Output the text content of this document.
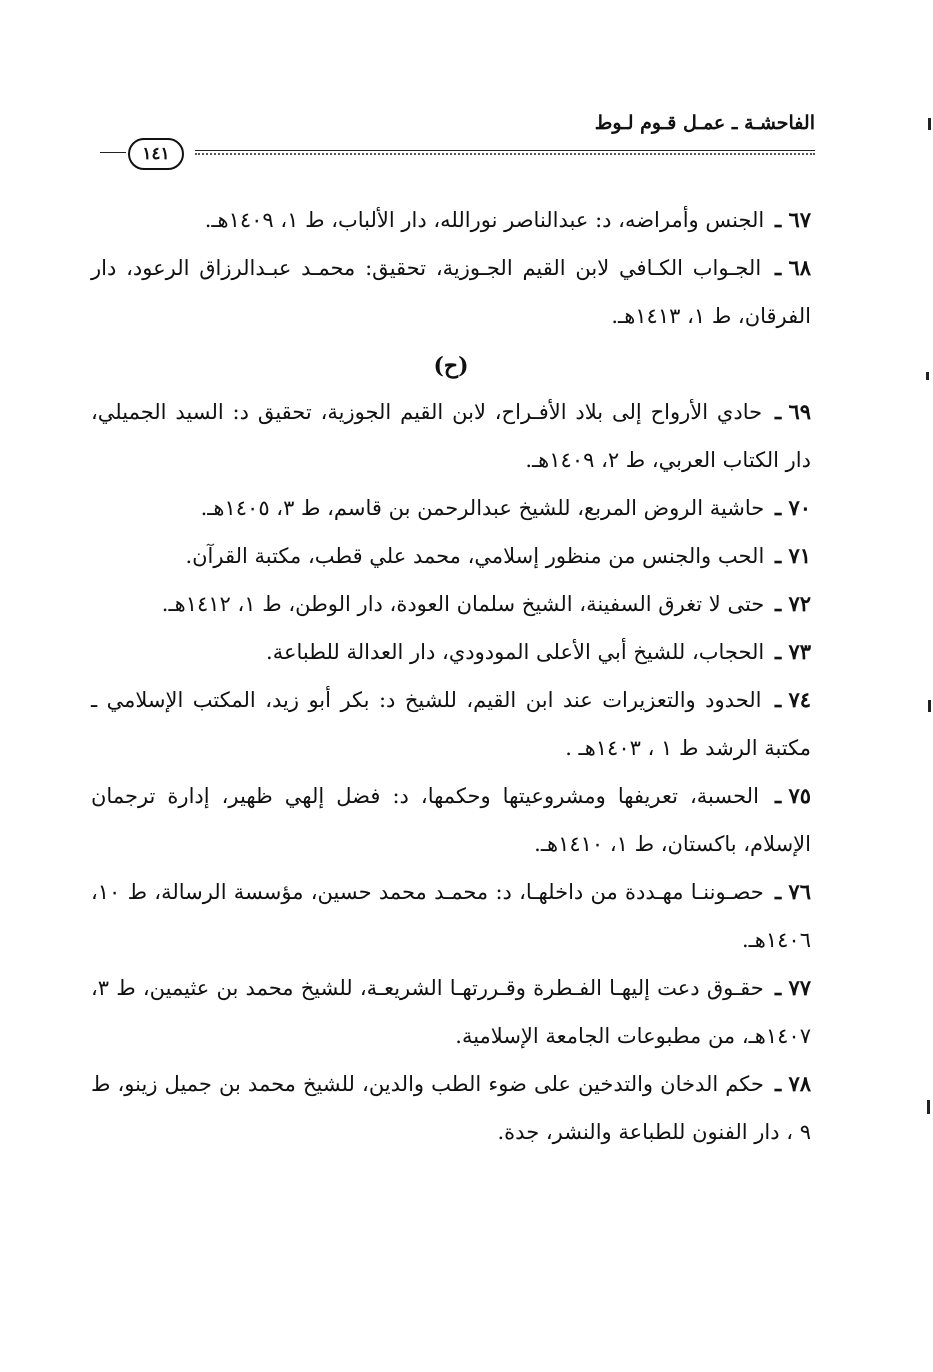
الفاحشـة ـ عمـل قـوم لـوط
١٤١
٦٧ ـ الجنس وأمراضه، د: عبدالناصر نورالله، دار الألباب، ط ١، ١٤٠٩هـ.
٦٨ ـ الجـواب الكـافي لابن القيم الجـوزية، تحقيق: محمـد عبـدالرزاق الرعود، دار الفرقان، ط ١، ١٤١٣هـ.
(ح)
٦٩ ـ حادي الأرواح إلى بلاد الأفـراح، لابن القيم الجوزية، تحقيق د: السيد الجميلي، دار الكتاب العربي، ط ٢، ١٤٠٩هـ.
٧٠ ـ حاشية الروض المربع، للشيخ عبدالرحمن بن قاسم، ط ٣، ١٤٠٥هـ.
٧١ ـ الحب والجنس من منظور إسلامي، محمد علي قطب، مكتبة القرآن.
٧٢ ـ حتى لا تغرق السفينة، الشيخ سلمان العودة، دار الوطن، ط ١، ١٤١٢هـ.
٧٣ ـ الحجاب، للشيخ أبي الأعلى المودودي، دار العدالة للطباعة.
٧٤ ـ الحدود والتعزيرات عند ابن القيم، للشيخ د: بكر أبو زيد، المكتب الإسلامي ـ مكتبة الرشد ط ١ ، ١٤٠٣هـ .
٧٥ ـ الحسبة، تعريفها ومشروعيتها وحكمها، د: فضل إلهي ظهير، إدارة ترجمان الإسلام، باكستان، ط ١، ١٤١٠هـ.
٧٦ ـ حصـوننـا مهـددة من داخلهـا، د: محمـد محمد حسين، مؤسسة الرسالة، ط ١٠، ١٤٠٦هـ.
٧٧ ـ حقـوق دعت إليهـا الفـطرة وقـررتهـا الشريعـة، للشيخ محمد بن عثيمين، ط ٣، ١٤٠٧هـ، من مطبوعات الجامعة الإسلامية.
٧٨ ـ حكم الدخان والتدخين على ضوء الطب والدين، للشيخ محمد بن جميل زينو، ط ٩ ، دار الفنون للطباعة والنشر، جدة.
